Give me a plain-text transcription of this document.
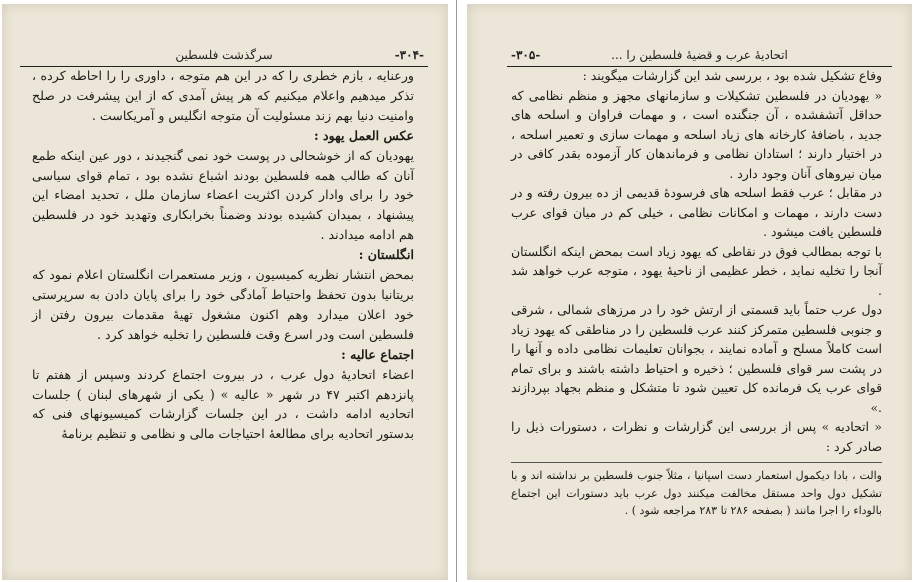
-٣٠۴-
سرگذشت فلسطین

ورعنایه ، بازم خطری را که در این هم متوجه ، داوری را را احاطه کرده ، تذکر میدهیم واعلام میکنیم که هر پیش آمدی که از این پیشرفت در صلح وامنیت دنیا بهم زند مسئولیت آن متوجه انگلیس و آمریکاست .

عکس العمل یهود :

یهودیان که از خوشحالی در پوست خود نمی گنجیدند ، دور عین اینکه طمع آنان که طالب همه فلسطین بودند اشباع نشده بود ، تمام قوای سیاسی خود را برای وادار کردن اکثریت اعضاء سازمان ملل ، تحدید امضاء این پیشنهاد ، بمیدان کشیده بودند وضمناً بخرابکاری وتهدید خود در فلسطین هم ادامه میدادند .

انگلستان :

بمحض انتشار نظریه کمیسیون ، وزیر مستعمرات انگلستان اعلام نمود که بریتانیا بدون تحفظ واحتیاط آمادگی خود را برای پایان دادن به سرپرستی خود اعلان میدارد وهم اکنون مشغول تهیهٔ مقدمات بیرون رفتن از فلسطین است ودر اسرع وقت فلسطین را تخلیه خواهد کرد .

اجتماع عالیه :

اعضاء اتحادیهٔ دول عرب ، در بیروت اجتماع کردند وسپس از هفتم تا پانزدهم اکتبر ۴۷ در شهر « عالیه » ( یکی از شهرهای لبنان ) جلسات اتحادیه ادامه داشت ، در این جلسات گزارشات کمیسیونهای فنی که بدستور اتحادیه برای مطالعهٔ احتیاجات مالی و نظامی و تنظیم برنامهٔ

اتحادیهٔ عرب و قضیهٔ فلسطین را ...
-٣٠۵-

وفاع تشکیل شده بود ، بررسی شد این گزارشات میگویند :

« یهودیان در فلسطین تشکیلات و سازمانهای مجهز و منظم نظامی که حداقل آتشفشده ، آن جنگنده است ، و مهمات فراوان و اسلحه های جدید ، باضافهٔ کارخانه های زیاد اسلحه و مهمات سازی و تعمیر اسلحه ، در اختیار دارند ؛ استادان نظامی و فرماندهان کار آزموده بقدر کافی در میان نیروهای آنان وجود دارد .

در مقابل ؛ عرب فقط اسلحه های فرسودهٔ قدیمی از ده بیرون رفته و در دست دارند ، مهمات و امکانات نظامی ، خیلی کم در میان قوای عرب فلسطین یافت میشود .

با توجه بمطالب فوق در نقاطی که یهود زیاد است بمحض اینکه انگلستان آنجا را تخلیه نماید ، خطر عظیمی از ناحیهٔ یهود ، متوجه عرب خواهد شد .

دول عرب حتماً باید قسمتی از ارتش خود را در مرزهای شمالی ، شرقی و جنوبی فلسطین متمرکز کنند عرب فلسطین را در مناطقی که یهود زیاد است کاملاً مسلح و آماده نمایند ، بجوانان تعلیمات نظامی داده و آنها را در پشت سر قوای فلسطین ؛ ذخیره و احتیاط داشته باشند و برای تمام قوای عرب یک فرمانده کل تعیین شود تا متشکل و منظم بجهاد بپردازند .»

« اتحادیه » پس از بررسی این گزارشات و نظرات ، دستورات ذیل را صادر کرد :

والت ، بادا دیکمول استعمار دست اسپانیا ، مثلاً جنوب فلسطین بر نداشته اند و با تشکیل دول واحد مستقل مخالفت میکنند دول عرب باید دستورات این اجتماع بالوداء را اجرا مانند ( بصفحه ۲۸۶ تا ۲۸۳ مراجعه شود ) .
